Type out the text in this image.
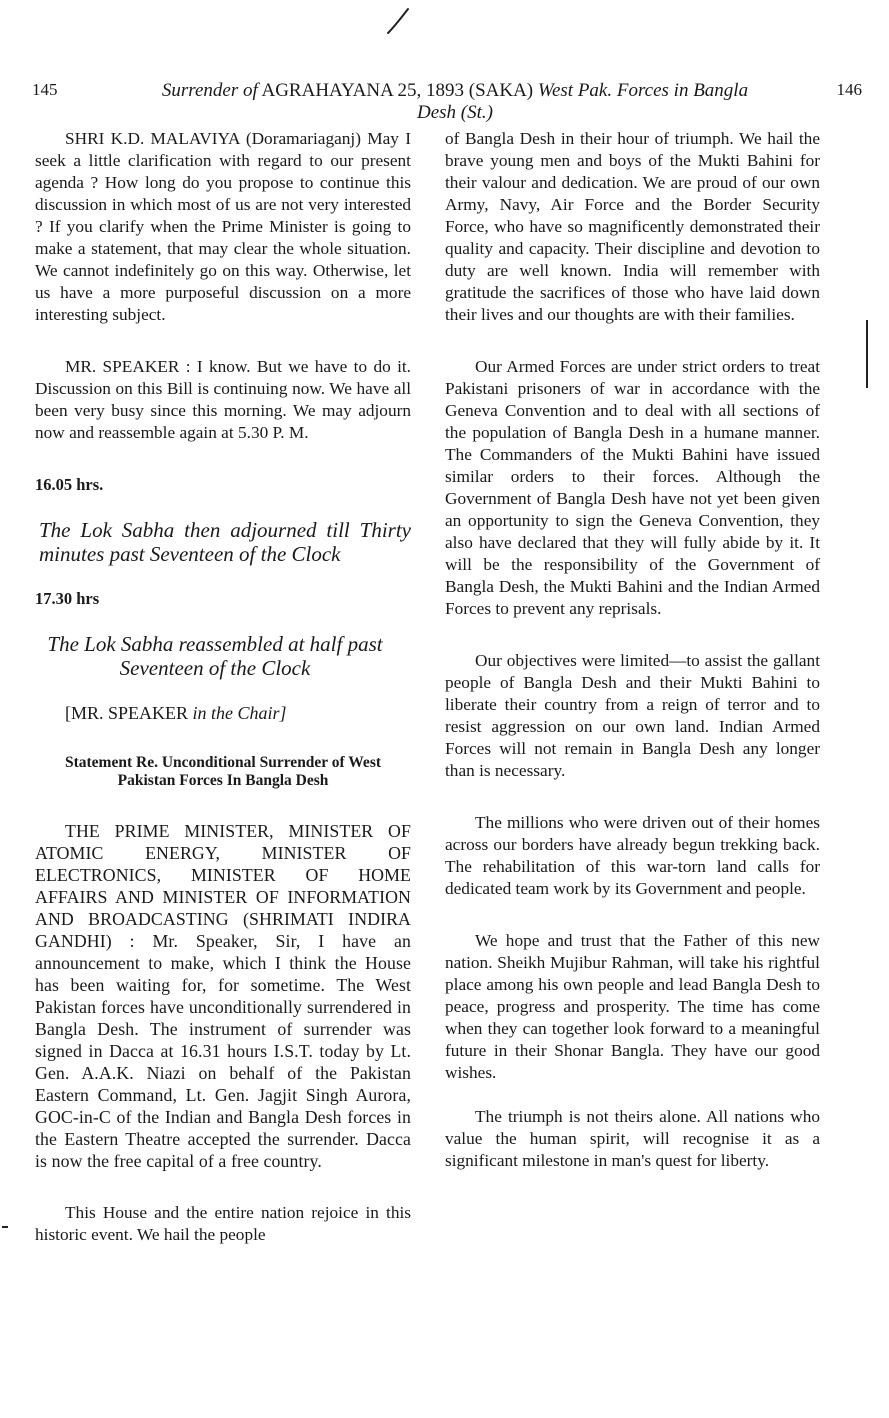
145	Surrender of AGRAHAYANA 25, 1893 (SAKA) West Pak. Forces in Bangla
Desh (St.)
146

SHRI K.D. MALAVIYA (Doramariaganj) May I seek a little clarification with regard to our present agenda ? How long do you propose to continue this discussion in which most of us are not very interested ? If you clarify when the Prime Minister is going to make a statement, that may clear the whole situation. We cannot indefinitely go on this way. Otherwise, let us have a more purposeful discussion on a more interesting subject.

MR. SPEAKER : I know. But we have to do it. Discussion on this Bill is continuing now. We have all been very busy since this morning. We may adjourn now and reassemble again at 5.30 P. M.

16.05 hrs.

The Lok Sabha then adjourned till Thirty minutes past Seventeen of the Clock

17.30 hrs

The Lok Sabha reassembled at half past Seventeen of the Clock

[MR. SPEAKER in the Chair]

Statement Re. Unconditional Surrender of West Pakistan Forces In Bangla Desh

THE PRIME MINISTER, MINISTER OF ATOMIC ENERGY, MINISTER OF ELECTRONICS, MINISTER OF HOME AFFAIRS AND MINISTER OF INFORMATION AND BROADCASTING (SHRIMATI INDIRA GANDHI) : Mr. Speaker, Sir, I have an announcement to make, which I think the House has been waiting for, for sometime. The West Pakistan forces have unconditionally surrendered in Bangla Desh. The instrument of surrender was signed in Dacca at 16.31 hours I.S.T. today by Lt. Gen. A.A.K. Niazi on behalf of the Pakistan Eastern Command, Lt. Gen. Jagjit Singh Aurora, GOC-in-C of the Indian and Bangla Desh forces in the Eastern Theatre accepted the surrender. Dacca is now the free capital of a free country.

This House and the entire nation rejoice in this historic event. We hail the people

of Bangla Desh in their hour of triumph. We hail the brave young men and boys of the Mukti Bahini for their valour and dedication. We are proud of our own Army, Navy, Air Force and the Border Security Force, who have so magnificently demonstrated their quality and capacity. Their discipline and devotion to duty are well known. India will remember with gratitude the sacrifices of those who have laid down their lives and our thoughts are with their families.

Our Armed Forces are under strict orders to treat Pakistani prisoners of war in accordance with the Geneva Convention and to deal with all sections of the population of Bangla Desh in a humane manner. The Commanders of the Mukti Bahini have issued similar orders to their forces. Although the Government of Bangla Desh have not yet been given an opportunity to sign the Geneva Convention, they also have declared that they will fully abide by it. It will be the responsibility of the Government of Bangla Desh, the Mukti Bahini and the Indian Armed Forces to prevent any reprisals.

Our objectives were limited—to assist the gallant people of Bangla Desh and their Mukti Bahini to liberate their country from a reign of terror and to resist aggression on our own land. Indian Armed Forces will not remain in Bangla Desh any longer than is necessary.

The millions who were driven out of their homes across our borders have already begun trekking back. The rehabilitation of this war-torn land calls for dedicated team work by its Government and people.

We hope and trust that the Father of this new nation. Sheikh Mujibur Rahman, will take his rightful place among his own people and lead Bangla Desh to peace, progress and prosperity. The time has come when they can together look forward to a meaningful future in their Shonar Bangla. They have our good wishes.

The triumph is not theirs alone. All nations who value the human spirit, will recognise it as a significant milestone in man's quest for liberty.
